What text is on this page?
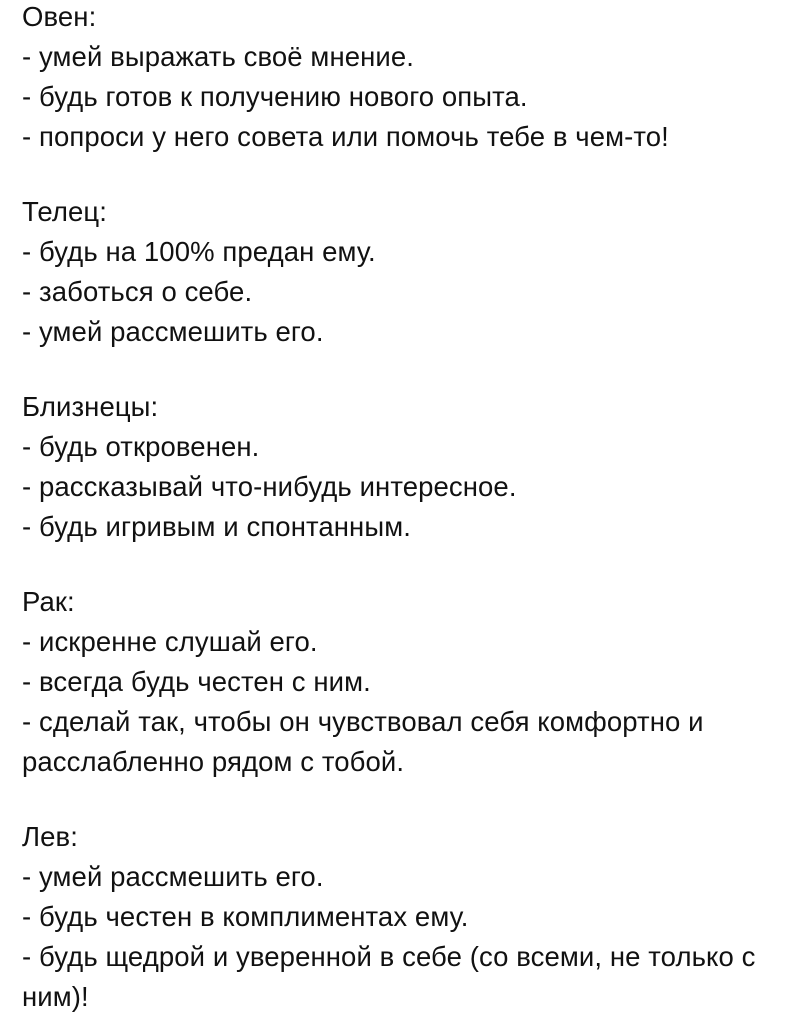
Овен:
- умей выражать своё мнение.
- будь готов к получению нового опыта.
- попроси у него совета или помочь тебе в чем-то!
Телец:
- будь на 100% предан ему.
- заботься о себе.
- умей рассмешить его.
Близнецы:
- будь откровенен.
- рассказывай что-нибудь интересное.
- будь игривым и спонтанным.
Рак:
- искренне слушай его.
- всегда будь честен с ним.
- сделай так, чтобы он чувствовал себя комфортно и расслабленно рядом с тобой.
Лев:
- умей рассмешить его.
- будь честен в комплиментах ему.
- будь щедрой и уверенной в себе (со всеми, не только с ним)!
